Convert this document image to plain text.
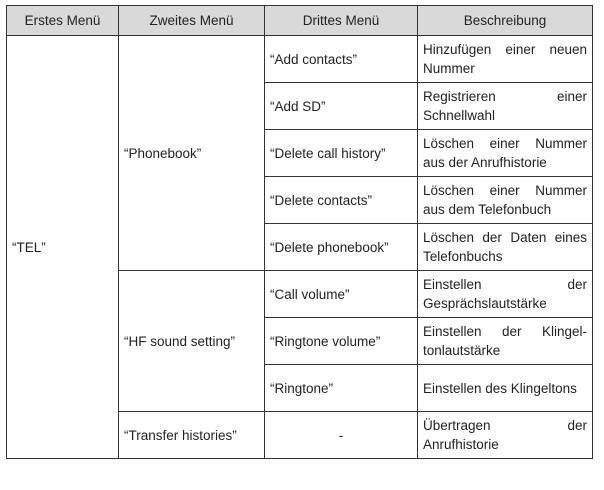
Erstes Menü	Zweites Menü	Drittes Menü	Beschreibung
“TEL”	“Phonebook”	“Add contacts”	Hinzufügen einer neuen Nummer
		“Add SD”	Registrieren einer Schnellwahl
		“Delete call history”	Löschen einer Nummer aus der Anrufhistorie
		“Delete contacts”	Löschen einer Nummer aus dem Telefonbuch
		“Delete phonebook”	Löschen der Daten eines Telefonbuchs
	“HF sound setting”	“Call volume”	Einstellen der Gesprächslautstärke
		“Ringtone volume”	Einstellen der Klingeltonlautstärke
		“Ringtone”	Einstellen des Klingeltons
	“Transfer histories”	-	Übertragen der Anrufhistorie
